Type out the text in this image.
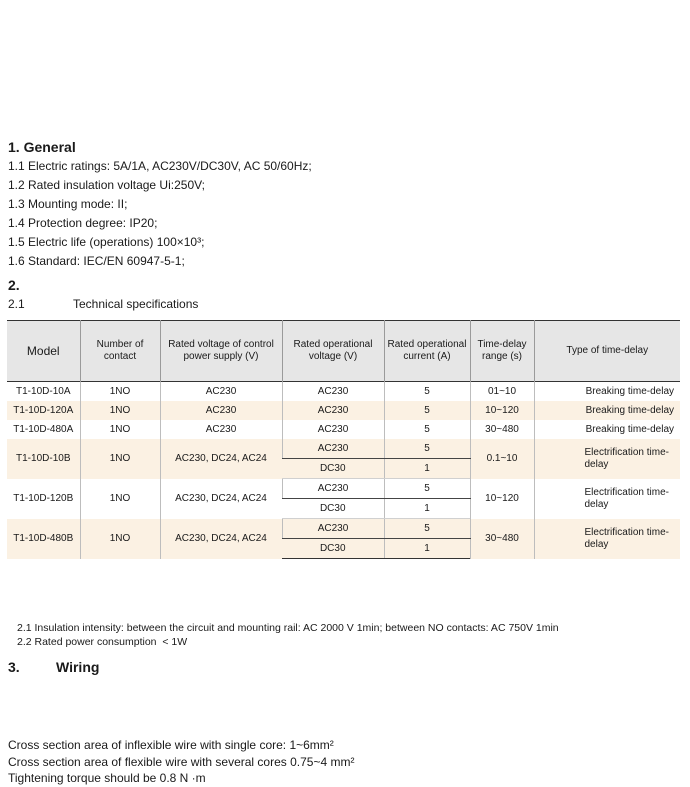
1. General
1.1 Electric ratings: 5A/1A, AC230V/DC30V, AC 50/60Hz;
1.2 Rated insulation voltage Ui:250V;
1.3 Mounting mode: II;
1.4 Protection degree: IP20;
1.5 Electric life (operations) 100×10³;
1.6 Standard: IEC/EN 60947-5-1;
2.
2.1	Technical specifications
Model	Number of contact	Rated voltage of control power supply (V)	Rated operational voltage (V)	Rated operational current (A)	Time-delay range (s)	Type of time-delay
T1-10D-10A	1NO	AC230	AC230	5	01~10	Breaking time-delay
T1-10D-120A	1NO	AC230	AC230	5	10~120	Breaking time-delay
T1-10D-480A	1NO	AC230	AC230	5	30~480	Breaking time-delay
T1-10D-10B	1NO	AC230, DC24, AC24	AC230	5	0.1~10	Electrification time-delay
			DC30	1		
T1-10D-120B	1NO	AC230, DC24, AC24	AC230	5	10~120	Electrification time-delay
			DC30	1		
T1-10D-480B	1NO	AC230, DC24, AC24	AC230	5	30~480	Electrification time-delay
			DC30	1		
2.1 Insulation intensity: between the circuit and mounting rail: AC 2000 V 1min; between NO contacts: AC 750V 1min
2.2 Rated power consumption  < 1W
3.	Wiring
Cross section area of inflexible wire with single core: 1~6mm²
Cross section area of flexible wire with several cores 0.75~4 mm²
Tightening torque should be 0.8 N ·m
